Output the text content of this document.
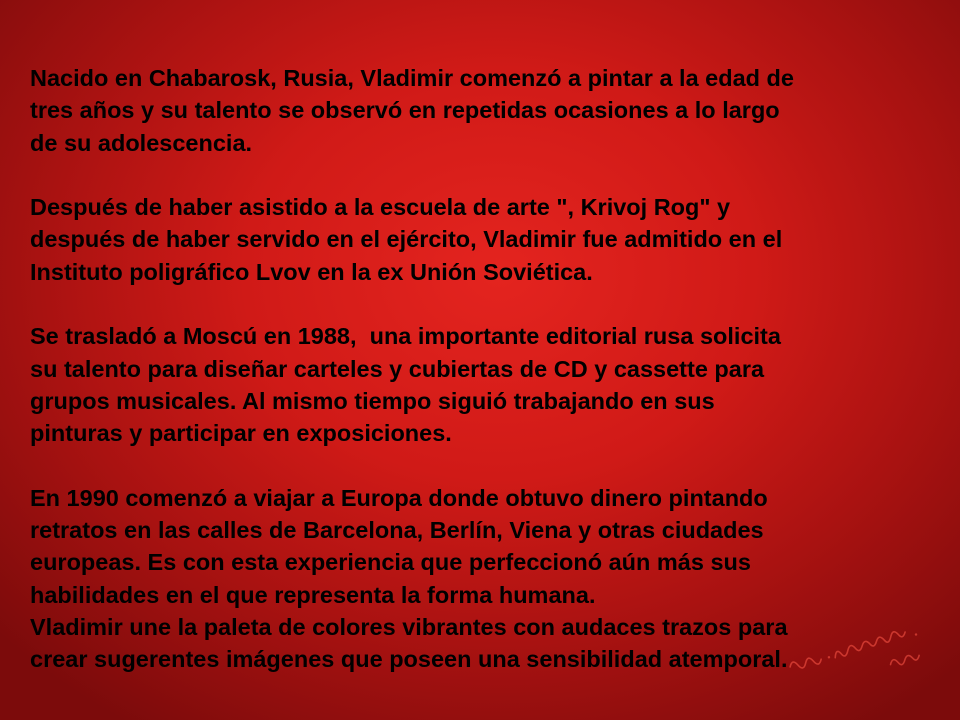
Nacido en Chabarosk, Rusia, Vladimir comenzó a pintar a la edad de
tres años y su talento se observó en repetidas ocasiones a lo largo
de su adolescencia.

Después de haber asistido a la escuela de arte ", Krivoj Rog" y
después de haber servido en el ejército, Vladimir fue admitido en el
Instituto poligráfico Lvov en la ex Unión Soviética.

Se trasladó a Moscú en 1988,  una importante editorial rusa solicita
su talento para diseñar carteles y cubiertas de CD y cassette para
grupos musicales. Al mismo tiempo siguió trabajando en sus
pinturas y participar en exposiciones.

En 1990 comenzó a viajar a Europa donde obtuvo dinero pintando
retratos en las calles de Barcelona, Berlín, Viena y otras ciudades
europeas. Es con esta experiencia que perfeccionó aún más sus
habilidades en el que representa la forma humana.

Vladimir une la paleta de colores vibrantes con audaces trazos para
crear sugerentes imágenes que poseen una sensibilidad atemporal.
